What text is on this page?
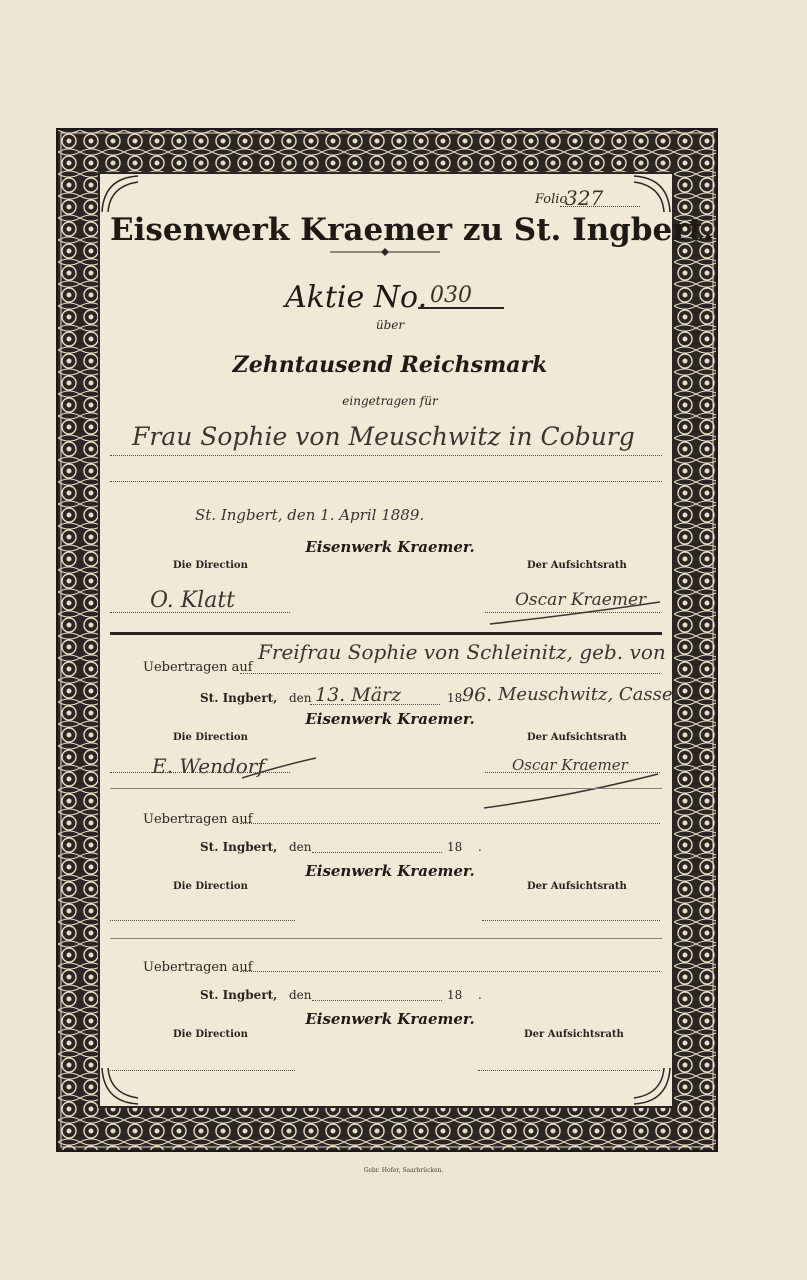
Folio
327
Eisenwerk Kraemer zu St. Ingbert.
Aktie No. 030
über
Zehntausend Reichsmark
eingetragen für
Frau Sophie von Meuschwitz in Coburg
St. Ingbert, den 1. April 1889.
Eisenwerk Kraemer.
Die Direction	Der Aufsichtsrath
O. Klatt	Oscar Kraemer
Uebertragen auf
Freifrau Sophie von Schleinitz, geb. von
St. Ingbert, den 13. März	18 96. Meuschwitz, Cassel
Eisenwerk Kraemer.
Die Direction	Der Aufsichtsrath
E. Wendorf	Oscar Kraemer
Uebertragen auf
St. Ingbert, den	18 .
Eisenwerk Kraemer.
Die Direction	Der Aufsichtsrath
Uebertragen auf
St. Ingbert, den	18 .
Eisenwerk Kraemer.
Die Direction	Der Aufsichtsrath
Gebr. Hofer, Saarbrücken.
